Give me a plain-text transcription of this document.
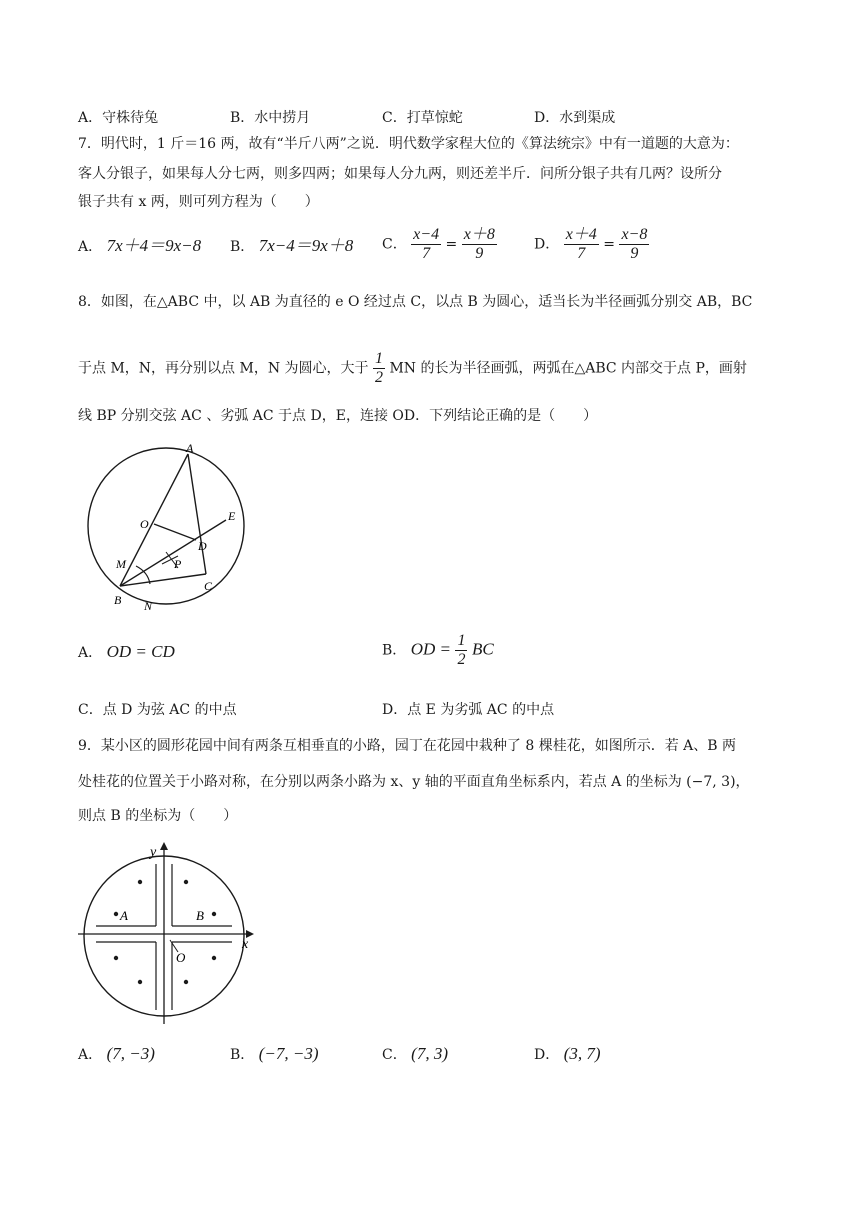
A．守株待兔	B．水中捞月	C．打草惊蛇	D．水到渠成
7．明代时，1 斤＝16 两，故有“半斤八两”之说．明代数学家程大位的《算法统宗》中有一道题的大意为：
客人分银子，如果每人分七两，则多四两；如果每人分九两，则还差半斤．问所分银子共有几两？设所分
银子共有 x 两，则可列方程为（　　）
A． 7x＋4＝9x−8 B． 7x−4＝9x＋8 C． $\frac{x-4}{7} = \frac{x+8}{9}$	D． $\frac{x+4}{7} = \frac{x-8}{9}$
8．如图，在△ABC 中，以 AB 为直径的 e O 经过点 C，以点 B 为圆心，适当长为半径画弧分别交 AB，BC
于点 M，N，再分别以点 M，N 为圆心，大于 $\frac{1}{2}$ MN 的长为半径画弧，两弧在△ABC 内部交于点 P，画射
线 BP 分别交弦 AC 、劣弧 AC 于点 D，E，连接 OD．下列结论正确的是（　　）
A
O
E
D
M	P
C
B N
A． OD = CD	B． OD = $\frac{1}{2}$ BC
C．点 D 为弦 AC 的中点	D．点 E 为劣弧 AC 的中点
9．某小区的圆形花园中间有两条互相垂直的小路，园丁在花园中栽种了 8 棵桂花，如图所示．若 A、B 两
处桂花的位置关于小路对称，在分别以两条小路为 x、y 轴的平面直角坐标系内，若点 A 的坐标为 (−7, 3)，
则点 B 的坐标为（　　）
y
x
O
A	B
A． (7, −3)	B． (−7, −3)	C． (7, 3)	D． (3, 7)
